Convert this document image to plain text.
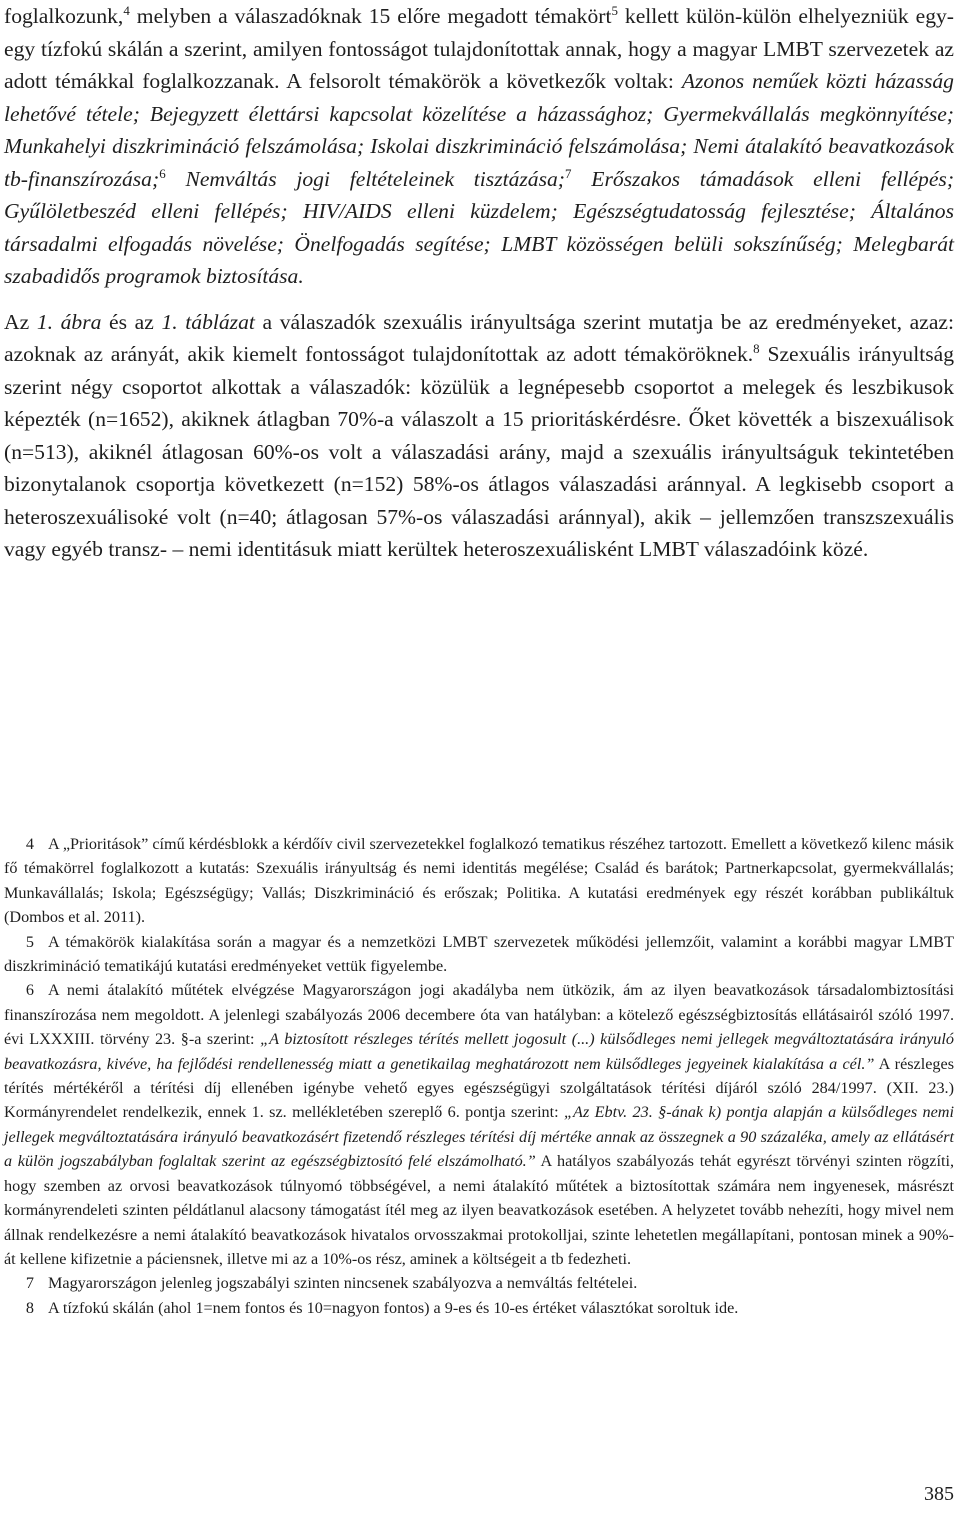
foglalkozunk,$^4$ melyben a válaszadóknak 15 előre megadott témakört$^5$ kellett külön-külön elhelyezniük egy-egy tízfokú skálán a szerint, amilyen fontosságot tulajdonítottak annak, hogy a magyar LMBT szervezetek az adott témákkal foglalkozzanak. A felsorolt témakörök a következők voltak: Azonos neműek közti házasság lehetővé tétele; Bejegyzett élettársi kapcsolat közelítése a házassághoz; Gyermekvállalás megkönnyítése; Munkahelyi diszkrimináció felszámolása; Iskolai diszkrimináció felszámolása; Nemi átalakító beavatkozások tb-finanszírozása;$^6$ Nemváltás jogi feltételeinek tisztázása;$^7$ Erőszakos támadások elleni fellépés; Gyűlöletbeszéd elleni fellépés; HIV/AIDS elleni küzdelem; Egészségtudatosság fejlesztése; Általános társadalmi elfogadás növelése; Önelfogadás segítése; LMBT közösségen belüli sokszínűség; Melegbarát szabadidős programok biztosítása.

Az 1. ábra és az 1. táblázat a válaszadók szexuális irányultsága szerint mutatja be az eredményeket, azaz: azoknak az arányát, akik kiemelt fontosságot tulajdonítottak az adott témaköröknek.$^8$ Szexuális irányultság szerint négy csoportot alkottak a válaszadók: közülük a legnépesebb csoportot a melegek és leszbikusok képezték (n=1652), akiknek átlagban 70%-a válaszolt a 15 prioritáskérdésre. Őket követték a biszexuálisok (n=513), akiknél átlagosan 60%-os volt a válaszadási arány, majd a szexuális irányultságuk tekintetében bizonytalanok csoportja következett (n=152) 58%-os átlagos válaszadási aránnyal. A legkisebb csoport a heteroszexuálisoké volt (n=40; átlagosan 57%-os válaszadási aránnyal), akik – jellemzően transzszexuális vagy egyéb transz- – nemi identitásuk miatt kerültek heteroszexuálisként LMBT válaszadóink közé.

4 A „Prioritások” című kérdésblokk a kérdőív civil szervezetekkel foglalkozó tematikus részéhez tartozott. Emellett a következő kilenc másik fő témakörrel foglalkozott a kutatás: Szexuális irányultság és nemi identitás megélése; Család és barátok; Partnerkapcsolat, gyermekvállalás; Munkavállalás; Iskola; Egészségügy; Vallás; Diszkrimináció és erőszak; Politika. A kutatási eredmények egy részét korábban publikáltuk (Dombos et al. 2011).

5 A témakörök kialakítása során a magyar és a nemzetközi LMBT szervezetek működési jellemzőit, valamint a korábbi magyar LMBT diszkrimináció tematikájú kutatási eredményeket vettük figyelembe.

6 A nemi átalakító műtétek elvégzése Magyarországon jogi akadályba nem ütközik, ám az ilyen beavatkozások társadalombiztosítási finanszírozása nem megoldott. A jelenlegi szabályozás 2006 decembere óta van hatályban: a kötelező egészségbiztosítás ellátásairól szóló 1997. évi LXXXIII. törvény 23. §-a szerint: „A biztosított részleges térítés mellett jogosult (...) külsődleges nemi jellegek megváltoztatására irányuló beavatkozásra, kivéve, ha fejlődési rendellenesség miatt a genetikailag meghatározott nem külsődleges jegyeinek kialakítása a cél.” A részleges térítés mértékéről a térítési díj ellenében igénybe vehető egyes egészségügyi szolgáltatások térítési díjáról szóló 284/1997. (XII. 23.) Kormányrendelet rendelkezik, ennek 1. sz. mellékletében szereplő 6. pontja szerint: „Az Ebtv. 23. §-ának k) pontja alapján a külsődleges nemi jellegek megváltoztatására irányuló beavatkozásért fizetendő részleges térítési díj mértéke annak az összegnek a 90 százaléka, amely az ellátásért a külön jogszabályban foglaltak szerint az egészségbiztosító felé elszámolható.” A hatályos szabályozás tehát egyrészt törvényi szinten rögzíti, hogy szemben az orvosi beavatkozások túlnyomó többségével, a nemi átalakító műtétek a biztosítottak számára nem ingyenesek, másrészt kormányrendeleti szinten példátlanul alacsony támogatást ítél meg az ilyen beavatkozások esetében. A helyzetet tovább nehezíti, hogy mivel nem állnak rendelkezésre a nemi átalakító beavatkozások hivatalos orvosszakmai protokolljai, szinte lehetetlen megállapítani, pontosan minek a 90%-át kellene kifizetnie a páciensnek, illetve mi az a 10%-os rész, aminek a költségeit a tb fedezheti.

7 Magyarországon jelenleg jogszabályi szinten nincsenek szabályozva a nemváltás feltételei.

8 A tízfokú skálán (ahol 1=nem fontos és 10=nagyon fontos) a 9-es és 10-es értéket választókat soroltuk ide.

385
